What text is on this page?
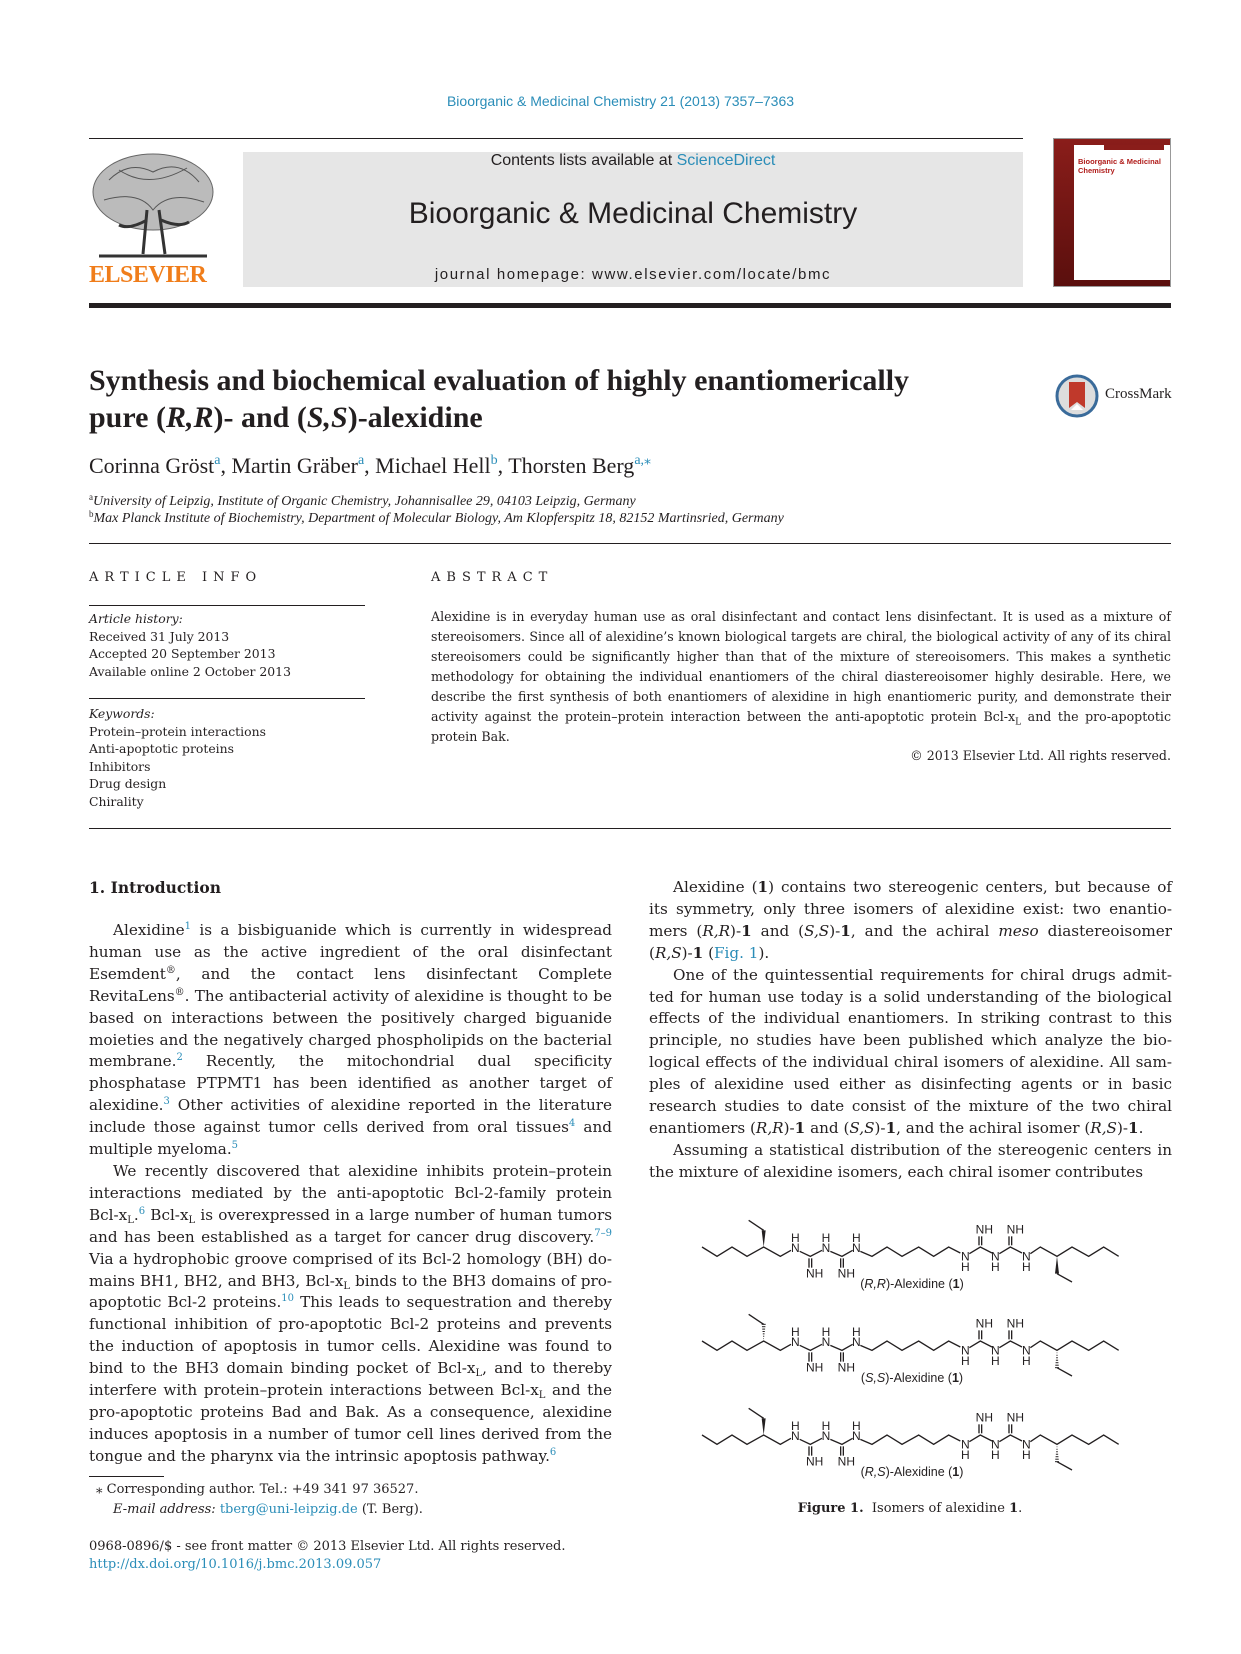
Bioorganic & Medicinal Chemistry 21 (2013) 7357–7363
ELSEVIER
Contents lists available at ScienceDirect
Bioorganic & Medicinal Chemistry
journal homepage: www.elsevier.com/locate/bmc
Bioorganic & Medicinal Chemistry
Synthesis and biochemical evaluation of highly enantiomerically
pure (R,R)- and (S,S)-alexidine
CrossMark
Corinna Gröst$^a$, Martin Gräber$^a$, Michael Hell$^b$, Thorsten Berg$^{a,⁎}$
$^a$University of Leipzig, Institute of Organic Chemistry, Johannisallee 29, 04103 Leipzig, Germany
$^b$Max Planck Institute of Biochemistry, Department of Molecular Biology, Am Klopferspitz 18, 82152 Martinsried, Germany
ARTICLE INFO
Article history:
Received 31 July 2013
Accepted 20 September 2013
Available online 2 October 2013
Keywords:
Protein–protein interactions
Anti-apoptotic proteins
Inhibitors
Drug design
Chirality
ABSTRACT
Alexidine is in everyday human use as oral disinfectant and contact lens disinfectant. It is used as a mixture of stereoisomers. Since all of alexidine’s known biological targets are chiral, the biological activity of any of its chiral stereoisomers could be significantly higher than that of the mixture of stereoisomers. This makes a synthetic methodology for obtaining the individual enantiomers of the chiral diastereoisomer highly desirable. Here, we describe the first synthesis of both enantiomers of alexidine in high enantiomeric purity, and demonstrate their activity against the protein–protein interaction between the anti-apoptotic protein Bcl-$x_L$ and the pro-apoptotic protein Bak.
© 2013 Elsevier Ltd. All rights reserved.
1. Introduction

Alexidine$^1$ is a bisbiguanide which is currently in widespread human use as the active ingredient of the oral disinfectant Esemdent®, and the contact lens disinfectant Complete RevitaLens®. The antibacterial activity of alexidine is thought to be based on interactions between the positively charged biguanide moieties and the negatively charged phospholipids on the bacterial membrane.$^2$ Recently, the mitochondrial dual specificity phosphatase PTPMT1 has been identified as another target of alexidine.$^3$ Other activities of alexidine reported in the literature include those against tumor cells derived from oral tissues$^4$ and multiple myeloma.$^5$

We recently discovered that alexidine inhibits protein–protein interactions mediated by the anti-apoptotic Bcl-2-family protein Bcl-$x_L.^6$ Bcl-$x_L$ is overexpressed in a large number of human tumors and has been established as a target for cancer drug discovery.$^{7-9}$ Via a hydrophobic groove comprised of its Bcl-2 homology (BH) domains BH1, BH2, and BH3, Bcl-$x_L$ binds to the BH3 domains of pro-apoptotic Bcl-2 proteins.$^{10}$ This leads to sequestration and thereby functional inhibition of pro-apoptotic Bcl-2 proteins and prevents the induction of apoptosis in tumor cells. Alexidine was found to bind to the BH3 domain binding pocket of Bcl-$x_L$, and to thereby interfere with protein–protein interactions between Bcl-$x_L$ and the pro-apoptotic proteins Bad and Bak. As a consequence, alexidine induces apoptosis in a number of tumor cell lines derived from the tongue and the pharynx via the intrinsic apoptosis pathway.$^6$

Alexidine (1) contains two stereogenic centers, but because of its symmetry, only three isomers of alexidine exist: two enantiomers (R,R)-1 and (S,S)-1, and the achiral meso diastereoisomer (R,S)-1 (Fig. 1).

One of the quintessential requirements for chiral drugs admitted for human use today is a solid understanding of the biological effects of the individual enantiomers. In striking contrast to this principle, no studies have been published which analyze the biological effects of the individual chiral isomers of alexidine. All samples of alexidine used either as disinfecting agents or in basic research studies to date consist of the mixture of the two chiral enantiomers (R,R)-1 and (S,S)-1, and the achiral isomer (R,S)-1.

Assuming a statistical distribution of the stereogenic centers in the mixture of alexidine isomers, each chiral isomer contributes

N
H
NH
N
H
NH
N
H
N
H
NH
N
H
NH
N
H
(R,R)-Alexidine (1)
N
H
NH
N
H
NH
N
H
N
H
NH
N
H
NH
N
H
(S,S)-Alexidine (1)
N
H
NH
N
H
NH
N
H
N
H
NH
N
H
NH
N
H
(R,S)-Alexidine (1)
Figure 1.  Isomers of alexidine 1.
⁎ Corresponding author. Tel.: +49 341 97 36527.
E-mail address: tberg@uni-leipzig.de (T. Berg).
0968-0896/$ - see front matter © 2013 Elsevier Ltd. All rights reserved.
http://dx.doi.org/10.1016/j.bmc.2013.09.057
